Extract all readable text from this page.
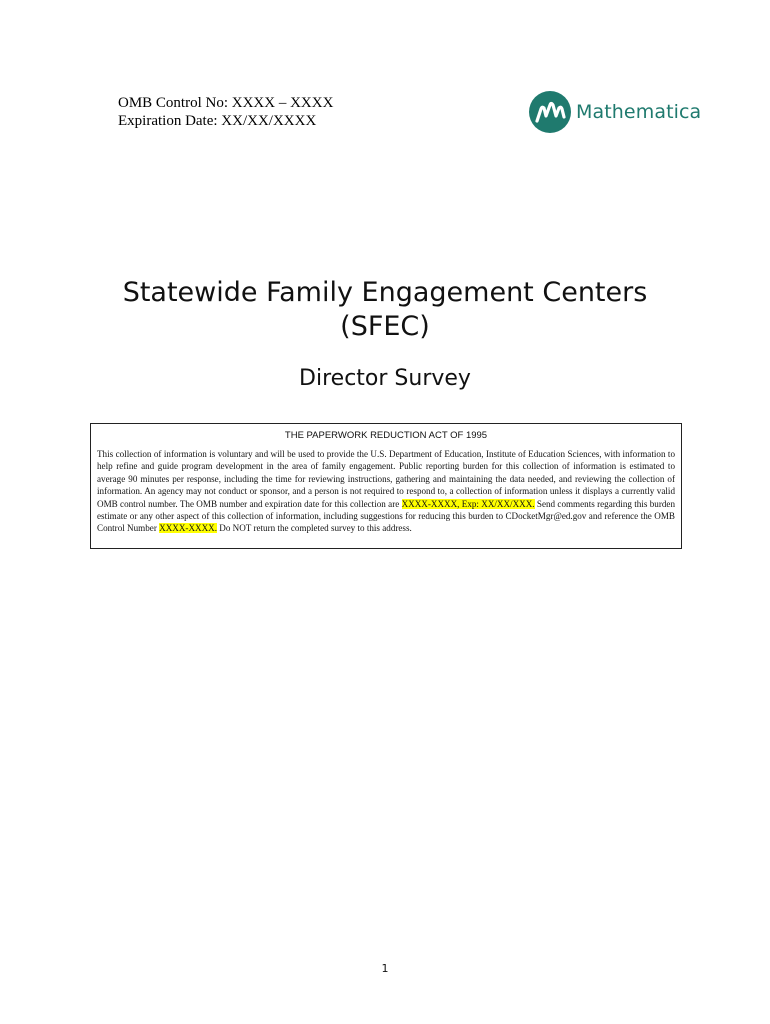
OMB Control No: XXXX – XXXX
Expiration Date: XX/XX/XXXX	Mathematica
Statewide Family Engagement Centers
(SFEC)
Director Survey
THE PAPERWORK REDUCTION ACT OF 1995
This collection of information is voluntary and will be used to provide the U.S. Department of Education, Institute of Education Sciences, with information to help refine and guide program development in the area of family engagement. Public reporting burden for this collection of information is estimated to average 90 minutes per response, including the time for reviewing instructions, gathering and maintaining the data needed, and reviewing the collection of information. An agency may not conduct or sponsor, and a person is not required to respond to, a collection of information unless it displays a currently valid OMB control number. The OMB number and expiration date for this collection are XXXX-XXXX, Exp: XX/XX/XXX. Send comments regarding this burden estimate or any other aspect of this collection of information, including suggestions for reducing this burden to CDocketMgr@ed.gov and reference the OMB Control Number XXXX-XXXX. Do NOT return the completed survey to this address.
1
